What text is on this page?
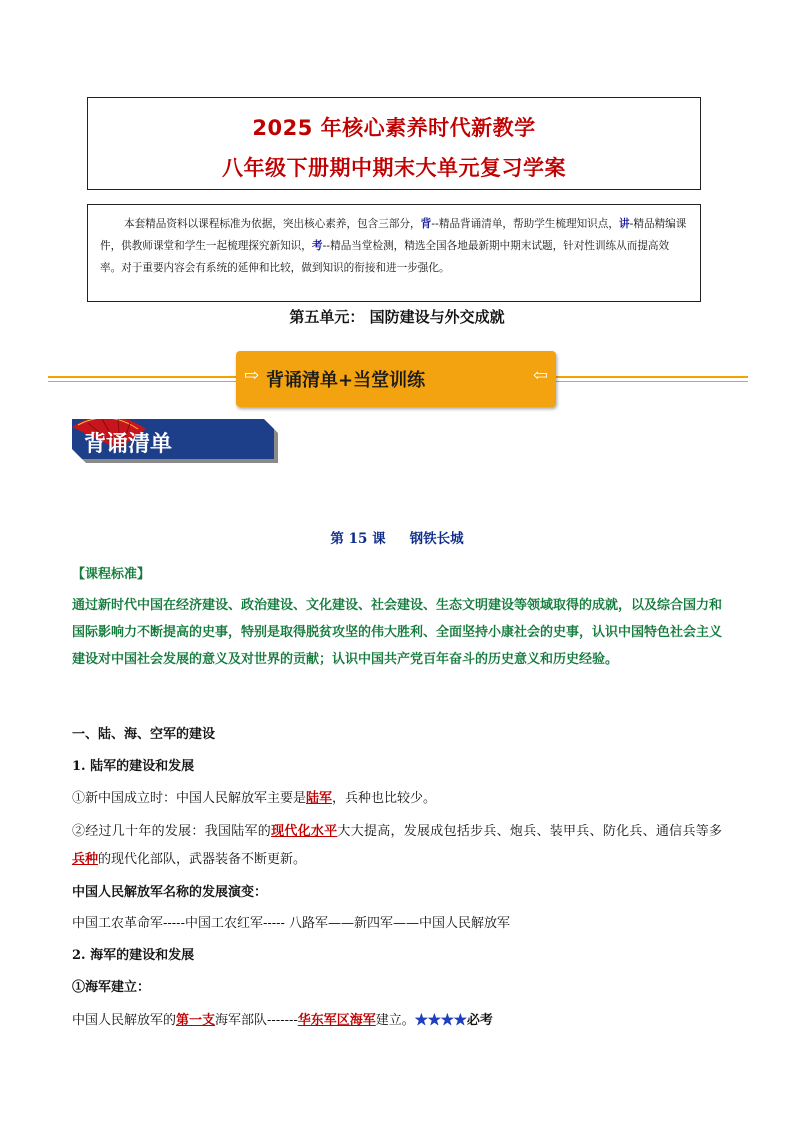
2025 年核心素养时代新教学
八年级下册期中期末大单元复习学案
本套精品资料以课程标准为依据，突出核心素养，包含三部分，背--精品背诵清单，帮助学生梳理知识点，讲-精品精编课件，供教师课堂和学生一起梳理探究新知识，考--精品当堂检测，精选全国各地最新期中期末试题，针对性训练从而提高效率。对于重要内容会有系统的延伸和比较，做到知识的衔接和进一步强化。
第五单元： 国防建设与外交成就
⇨ 背诵清单+当堂训练	⇦
背诵清单
第 15 课 钢铁长城
【课程标准】
通过新时代中国在经济建设、政治建设、文化建设、社会建设、生态文明建设等领域取得的成就，以及综合国力和国际影响力不断提高的史事，特别是取得脱贫攻坚的伟大胜利、全面坚持小康社会的史事，认识中国特色社会主义建设对中国社会发展的意义及对世界的贡献；认识中国共产党百年奋斗的历史意义和历史经验。
一、陆、海、空军的建设
1. 陆军的建设和发展
①新中国成立时：中国人民解放军主要是陆军，兵种也比较少。
②经过几十年的发展：我国陆军的现代化水平大大提高，发展成包括步兵、炮兵、装甲兵、防化兵、通信兵等多兵种的现代化部队，武器装备不断更新。
中国人民解放军名称的发展演变：
中国工农革命军-----中国工农红军----- 八路军——新四军——中国人民解放军
2. 海军的建设和发展
①海军建立：
中国人民解放军的第一支海军部队-------华东军区海军建立。★★★★必考
